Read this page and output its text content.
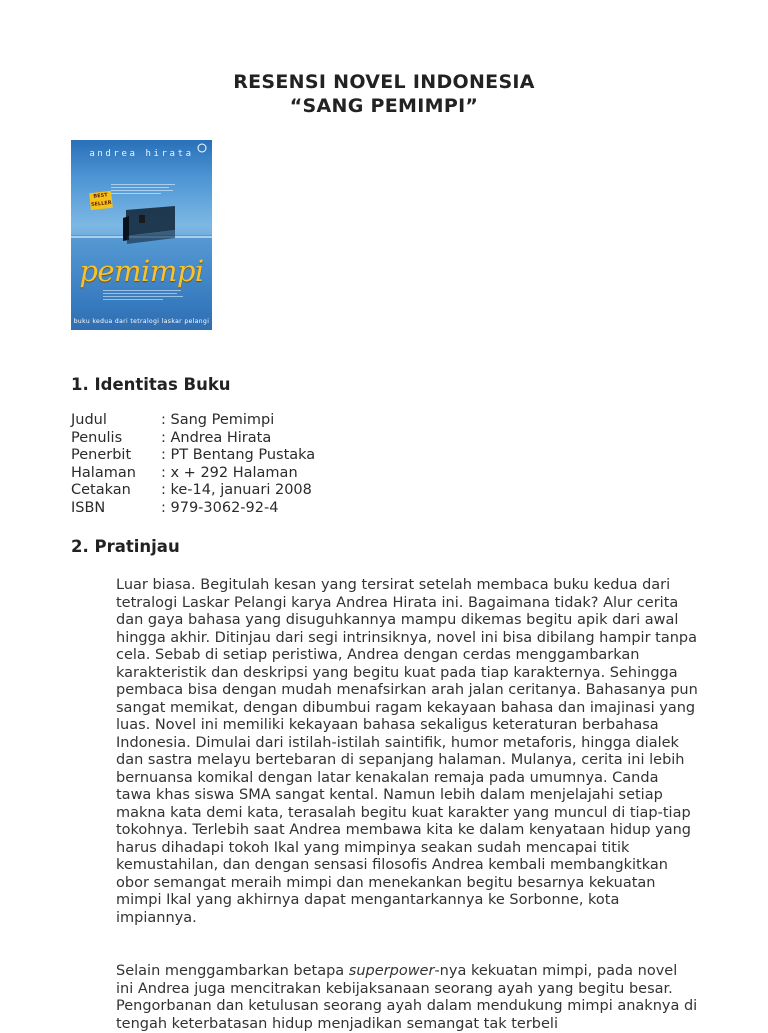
RESENSI NOVEL INDONESIA
“SANG PEMIMPI”
andrea hirata
BEST SELLER
pemimpi
buku kedua dari tetralogi laskar pelangi
1. Identitas Buku
Judul	: Sang Pemimpi
Penulis	: Andrea Hirata
Penerbit	: PT Bentang Pustaka
Halaman	: x + 292 Halaman
Cetakan	: ke-14, januari 2008
ISBN	: 979-3062-92-4
2. Pratinjau

Luar biasa. Begitulah kesan yang tersirat setelah membaca buku kedua dari tetralogi Laskar Pelangi karya Andrea Hirata ini. Bagaimana tidak? Alur cerita dan gaya bahasa yang disuguhkannya mampu dikemas begitu apik dari awal hingga akhir. Ditinjau dari segi intrinsiknya, novel ini bisa dibilang hampir tanpa cela. Sebab di setiap peristiwa, Andrea dengan cerdas menggambarkan karakteristik dan deskripsi yang begitu kuat pada tiap karakternya. Sehingga pembaca bisa dengan mudah menafsirkan arah jalan ceritanya. Bahasanya pun sangat memikat, dengan dibumbui ragam kekayaan bahasa dan imajinasi yang luas. Novel ini memiliki kekayaan bahasa sekaligus keteraturan berbahasa Indonesia. Dimulai dari istilah-istilah saintifik, humor metaforis, hingga dialek dan sastra melayu bertebaran di sepanjang halaman. Mulanya, cerita ini lebih bernuansa komikal dengan latar kenakalan remaja pada umumnya. Canda tawa khas siswa SMA sangat kental. Namun lebih dalam menjelajahi setiap makna kata demi kata, terasalah begitu kuat karakter yang muncul di tiap-tiap tokohnya. Terlebih saat Andrea membawa kita ke dalam kenyataan hidup yang harus dihadapi tokoh Ikal yang mimpinya seakan sudah mencapai titik kemustahilan, dan dengan sensasi filosofis Andrea kembali membangkitkan obor semangat meraih mimpi dan menekankan begitu besarnya kekuatan mimpi Ikal yang akhirnya dapat mengantarkannya ke Sorbonne, kota impiannya.

Selain menggambarkan betapa superpower-nya kekuatan mimpi, pada novel ini Andrea juga mencitrakan kebijaksanaan seorang ayah yang begitu besar. Pengorbanan dan ketulusan seorang ayah dalam mendukung mimpi anaknya di tengah keterbatasan hidup menjadikan semangat tak terbeli
